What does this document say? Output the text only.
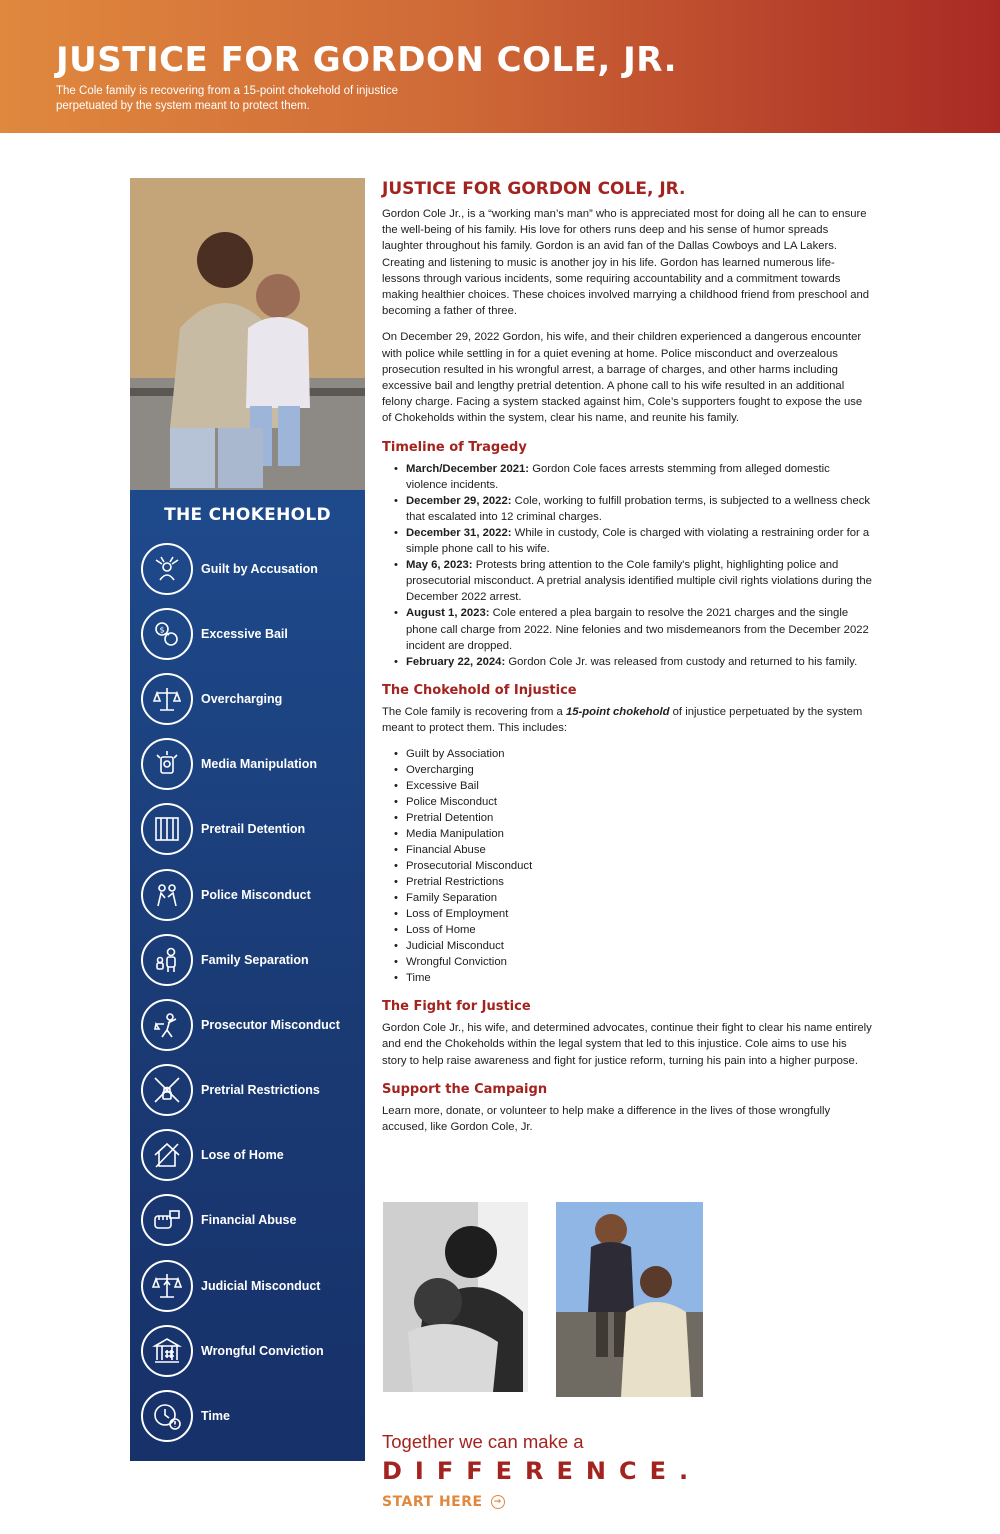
JUSTICE FOR GORDON COLE, JR.

The Cole family is recovering from a 15-point chokehold of injustice perpetuated by the system meant to protect them.

THE CHOKEHOLD
Guilt by Accusation
$	Excessive Bail
Overcharging
Media Manipulation
Pretrail Detention
Police Misconduct
Family Separation
Prosecutor Misconduct
Pretrial Restrictions
Lose of Home
Financial Abuse
Judicial Misconduct
Wrongful Conviction
Time
JUSTICE FOR GORDON COLE, JR.

Gordon Cole Jr., is a “working man’s man” who is appreciated most for doing all he can to ensure the well-being of his family. His love for others runs deep and his sense of humor spreads laughter throughout his family. Gordon is an avid fan of the Dallas Cowboys and LA Lakers. Creating and listening to music is another joy in his life. Gordon has learned numerous life-lessons through various incidents, some requiring accountability and a commitment towards making healthier choices. These choices involved marrying a childhood friend from preschool and becoming a father of three.

On December 29, 2022 Gordon, his wife, and their children experienced a dangerous encounter with police while settling in for a quiet evening at home. Police misconduct and overzealous prosecution resulted in his wrongful arrest, a barrage of charges, and other harms including excessive bail and lengthy pretrial detention. A phone call to his wife resulted in an additional felony charge. Facing a system stacked against him, Cole’s supporters fought to expose the use of Chokeholds within the system, clear his name, and reunite his family.

Timeline of Tragedy
• March/December 2021: Gordon Cole faces arrests stemming from alleged domestic violence incidents.
• December 29, 2022: Cole, working to fulfill probation terms, is subjected to a wellness check that escalated into 12 criminal charges.
• December 31, 2022: While in custody, Cole is charged with violating a restraining order for a simple phone call to his wife.
• May 6, 2023: Protests bring attention to the Cole family's plight, highlighting police and prosecutorial misconduct. A pretrial analysis identified multiple civil rights violations during the December 2022 arrest.
• August 1, 2023: Cole entered a plea bargain to resolve the 2021 charges and the single phone call charge from 2022. Nine felonies and two misdemeanors from the December 2022 incident are dropped.
• February 22, 2024: Gordon Cole Jr. was released from custody and returned to his family.
The Chokehold of Injustice

The Cole family is recovering from a 15-point chokehold of injustice perpetuated by the system meant to protect them. This includes:

• Guilt by Association
• Overcharging
• Excessive Bail
• Police Misconduct
• Pretrial Detention
• Media Manipulation
• Financial Abuse
• Prosecutorial Misconduct
• Pretrial Restrictions
• Family Separation
• Loss of Employment
• Loss of Home
• Judicial Misconduct
• Wrongful Conviction
• Time
The Fight for Justice

Gordon Cole Jr., his wife, and determined advocates, continue their fight to clear his name entirely and end the Chokeholds within the legal system that led to this injustice. Cole aims to use his story to help raise awareness and fight for justice reform, turning his pain into a higher purpose.

Support the Campaign

Learn more, donate, or volunteer to help make a difference in the lives of those wrongfully accused, like Gordon Cole, Jr.

Together we can make a
DIFFERENCE.
START HERE	→
